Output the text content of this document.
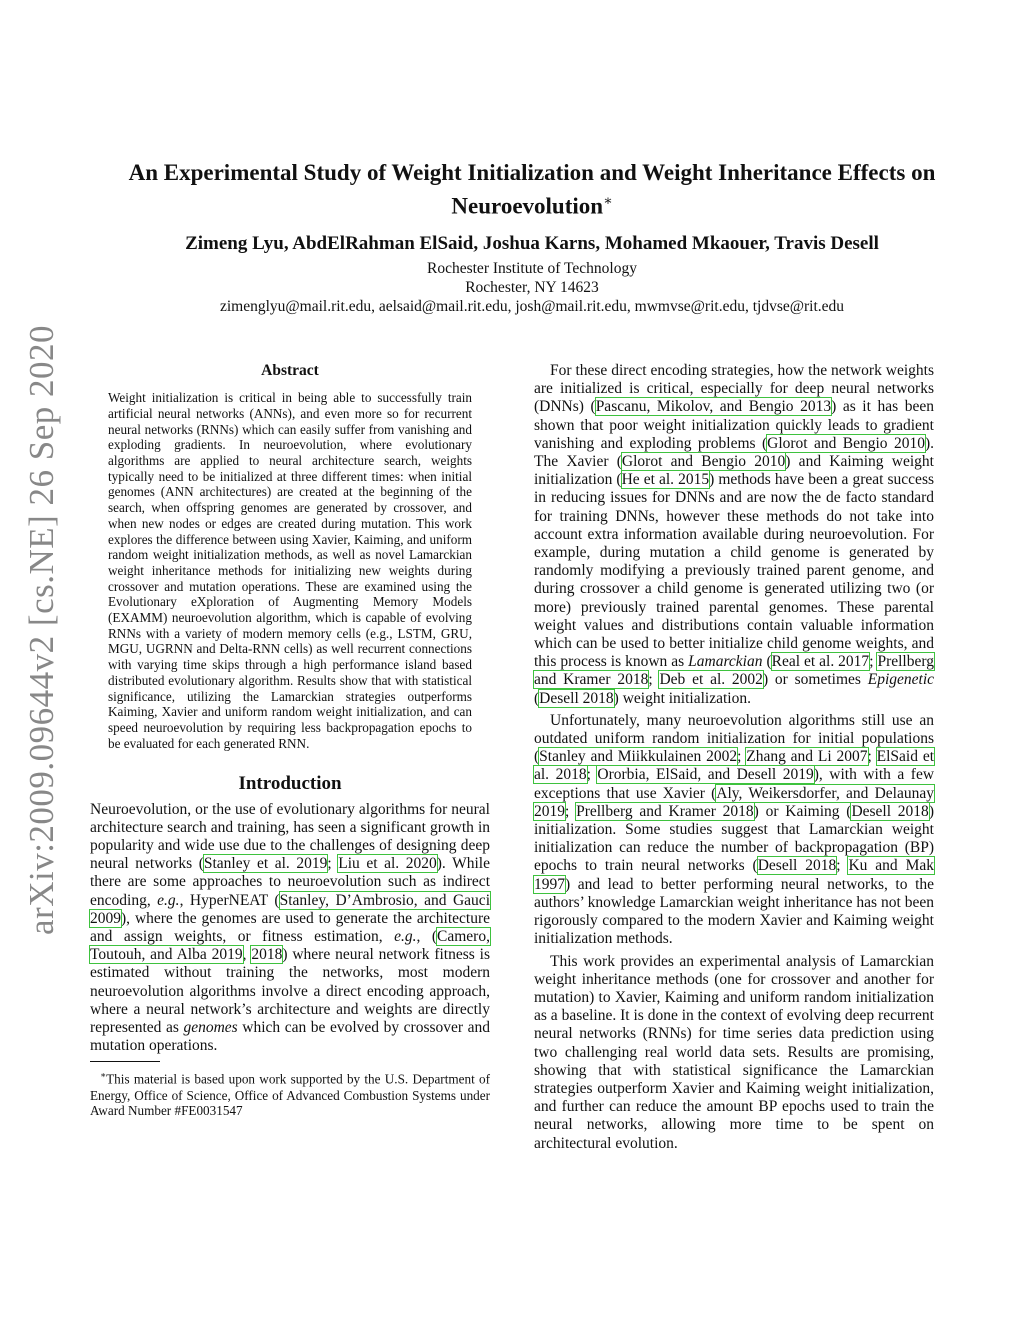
arXiv:2009.09644v2 [cs.NE] 26 Sep 2020
An Experimental Study of Weight Initialization and Weight Inheritance Effects on
Neuroevolution∗
Zimeng Lyu, AbdElRahman ElSaid, Joshua Karns, Mohamed Mkaouer, Travis Desell
Rochester Institute of Technology
Rochester, NY 14623
zimenglyu@mail.rit.edu, aelsaid@mail.rit.edu, josh@mail.rit.edu, mwmvse@rit.edu, tjdvse@rit.edu
Abstract

Weight initialization is critical in being able to successfully train artificial neural networks (ANNs), and even more so for recurrent neural networks (RNNs) which can easily suffer from vanishing and exploding gradients. In neuroevolution, where evolutionary algorithms are applied to neural architecture search, weights typically need to be initialized at three different times: when initial genomes (ANN architectures) are created at the beginning of the search, when offspring genomes are generated by crossover, and when new nodes or edges are created during mutation. This work explores the difference between using Xavier, Kaiming, and uniform random weight initialization methods, as well as novel Lamarckian weight inheritance methods for initializing new weights during crossover and mutation operations. These are examined using the Evolutionary eXploration of Augmenting Memory Models (EXAMM) neuroevolution algorithm, which is capable of evolving RNNs with a variety of modern memory cells (e.g., LSTM, GRU, MGU, UGRNN and Delta-RNN cells) as well recurrent connections with varying time skips through a high performance island based distributed evolutionary algorithm. Results show that with statistical significance, utilizing the Lamarckian strategies outperforms Kaiming, Xavier and uniform random weight initialization, and can speed neuroevolution by requiring less backpropagation epochs to be evaluated for each generated RNN.

Introduction

Neuroevolution, or the use of evolutionary algorithms for neural architecture search and training, has seen a significant growth in popularity and wide use due to the challenges of designing deep neural networks (Stanley et al. 2019; Liu et al. 2020). While there are some approaches to neuroevolution such as indirect encoding, e.g., HyperNEAT (Stanley, D’Ambrosio, and Gauci 2009), where the genomes are used to generate the architecture and assign weights, or fitness estimation, e.g., (Camero, Toutouh, and Alba 2019, 2018) where neural network fitness is estimated without training the networks, most modern neuroevolution algorithms involve a direct encoding approach, where a neural network’s architecture and weights are directly represented as genomes which can be evolved by crossover and mutation operations.

∗This material is based upon work supported by the U.S. Department of Energy, Office of Science, Office of Advanced Combustion Systems under Award Number #FE0031547

For these direct encoding strategies, how the network weights are initialized is critical, especially for deep neural networks (DNNs) (Pascanu, Mikolov, and Bengio 2013) as it has been shown that poor weight initialization quickly leads to gradient vanishing and exploding problems (Glorot and Bengio 2010). The Xavier (Glorot and Bengio 2010) and Kaiming weight initialization (He et al. 2015) methods have been a great success in reducing issues for DNNs and are now the de facto standard for training DNNs, however these methods do not take into account extra information available during neuroevolution. For example, during mutation a child genome is generated by randomly modifying a previously trained parent genome, and during crossover a child genome is generated utilizing two (or more) previously trained parental genomes. These parental weight values and distributions contain valuable information which can be used to better initialize child genome weights, and this process is known as Lamarckian (Real et al. 2017; Prellberg and Kramer 2018; Deb et al. 2002) or sometimes Epigenetic (Desell 2018) weight initialization.

Unfortunately, many neuroevolution algorithms still use an outdated uniform random initialization for initial populations (Stanley and Miikkulainen 2002; Zhang and Li 2007; ElSaid et al. 2018; Ororbia, ElSaid, and Desell 2019), with with a few exceptions that use Xavier (Aly, Weikersdorfer, and Delaunay 2019; Prellberg and Kramer 2018) or Kaiming (Desell 2018) initialization. Some studies suggest that Lamarckian weight initialization can reduce the number of backpropagation (BP) epochs to train neural networks (Desell 2018; Ku and Mak 1997) and lead to better performing neural networks, to the authors’ knowledge Lamarckian weight inheritance has not been rigorously compared to the modern Xavier and Kaiming weight initialization methods.

This work provides an experimental analysis of Lamarckian weight inheritance methods (one for crossover and another for mutation) to Xavier, Kaiming and uniform random initialization as a baseline. It is done in the context of evolving deep recurrent neural networks (RNNs) for time series data prediction using two challenging real world data sets. Results are promising, showing that with statistical significance the Lamarckian strategies outperform Xavier and Kaiming weight initialization, and further can reduce the amount BP epochs used to train the neural networks, allowing more time to be spent on architectural evolution.
